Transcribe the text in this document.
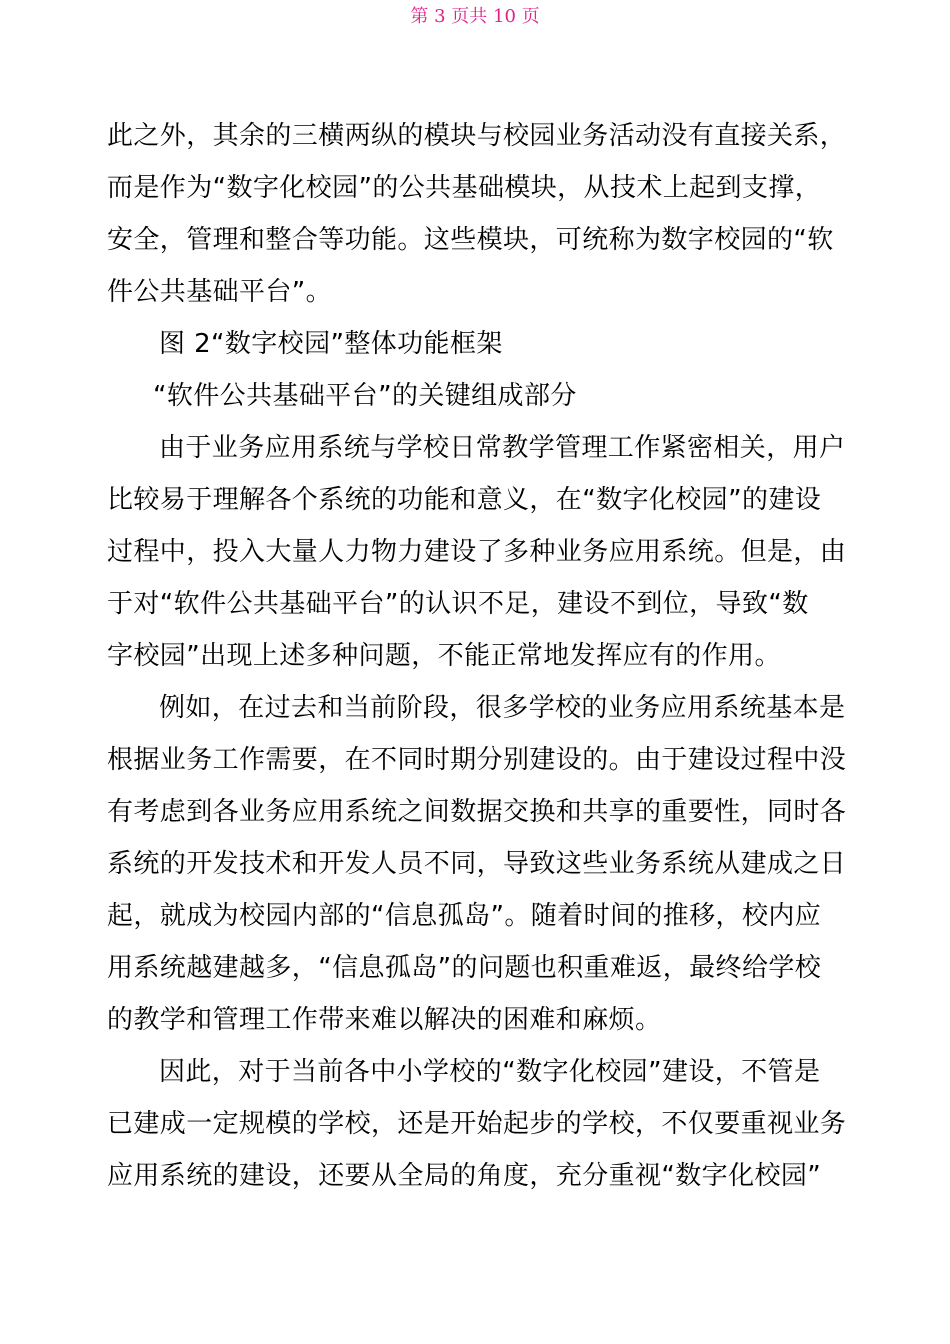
第 3 页共 10 页
此之外，其余的三横两纵的模块与校园业务活动没有直接关系，
而是作为“数字化校园”的公共基础模块，从技术上起到支撑，
安全，管理和整合等功能。这些模块，可统称为数字校园的“软
件公共基础平台”。
图 2“数字校园”整体功能框架
“软件公共基础平台”的关键组成部分
由于业务应用系统与学校日常教学管理工作紧密相关，用户
比较易于理解各个系统的功能和意义，在“数字化校园”的建设
过程中，投入大量人力物力建设了多种业务应用系统。但是，由
于对“软件公共基础平台”的认识不足，建设不到位，导致“数
字校园”出现上述多种问题，不能正常地发挥应有的作用。
例如，在过去和当前阶段，很多学校的业务应用系统基本是
根据业务工作需要，在不同时期分别建设的。由于建设过程中没
有考虑到各业务应用系统之间数据交换和共享的重要性，同时各
系统的开发技术和开发人员不同，导致这些业务系统从建成之日
起，就成为校园内部的“信息孤岛”。随着时间的推移，校内应
用系统越建越多，“信息孤岛”的问题也积重难返，最终给学校
的教学和管理工作带来难以解决的困难和麻烦。
因此，对于当前各中小学校的“数字化校园”建设，不管是
已建成一定规模的学校，还是开始起步的学校，不仅要重视业务
应用系统的建设，还要从全局的角度，充分重视“数字化校园”
